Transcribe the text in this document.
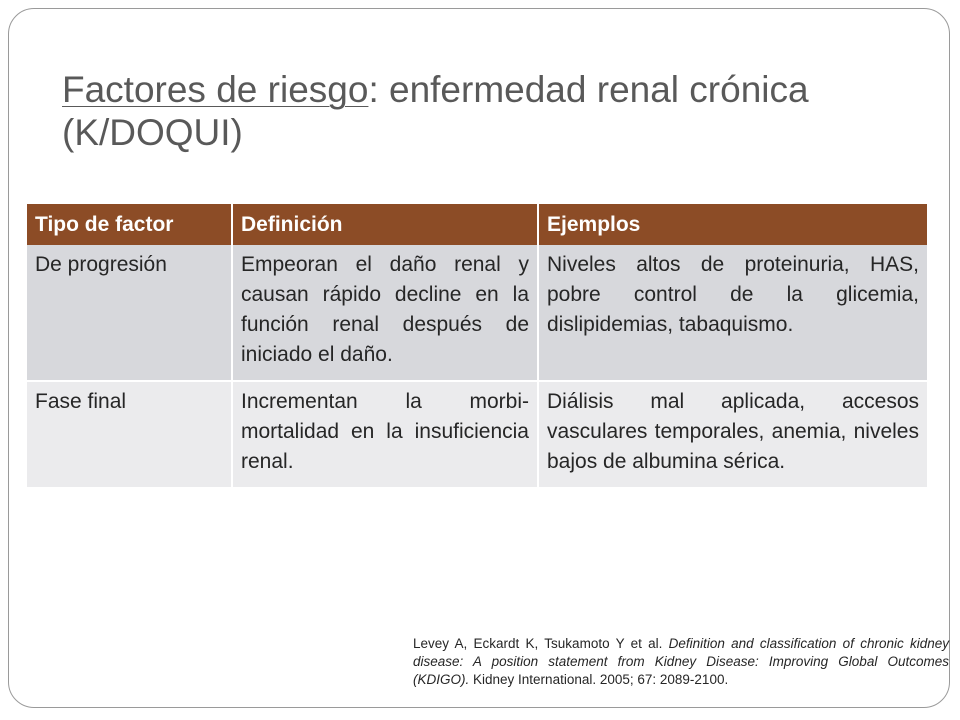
Factores de riesgo: enfermedad renal crónica (K/DOQUI)
Tipo de factor	Definición	Ejemplos
De progresión	Empeoran el daño renal y causan rápido decline en la función renal después de iniciado el daño.	Niveles altos de proteinuria, HAS, pobre control de la glicemia, dislipidemias, tabaquismo.
Fase final	Incrementan la morbi-mortalidad en la insuficiencia renal.	Diálisis mal aplicada, accesos vasculares temporales, anemia, niveles bajos de albumina sérica.
Levey A, Eckardt K, Tsukamoto Y et al. Definition and classification of chronic kidney disease: A position statement from Kidney Disease: Improving Global Outcomes (KDIGO). Kidney International. 2005; 67: 2089-2100.
